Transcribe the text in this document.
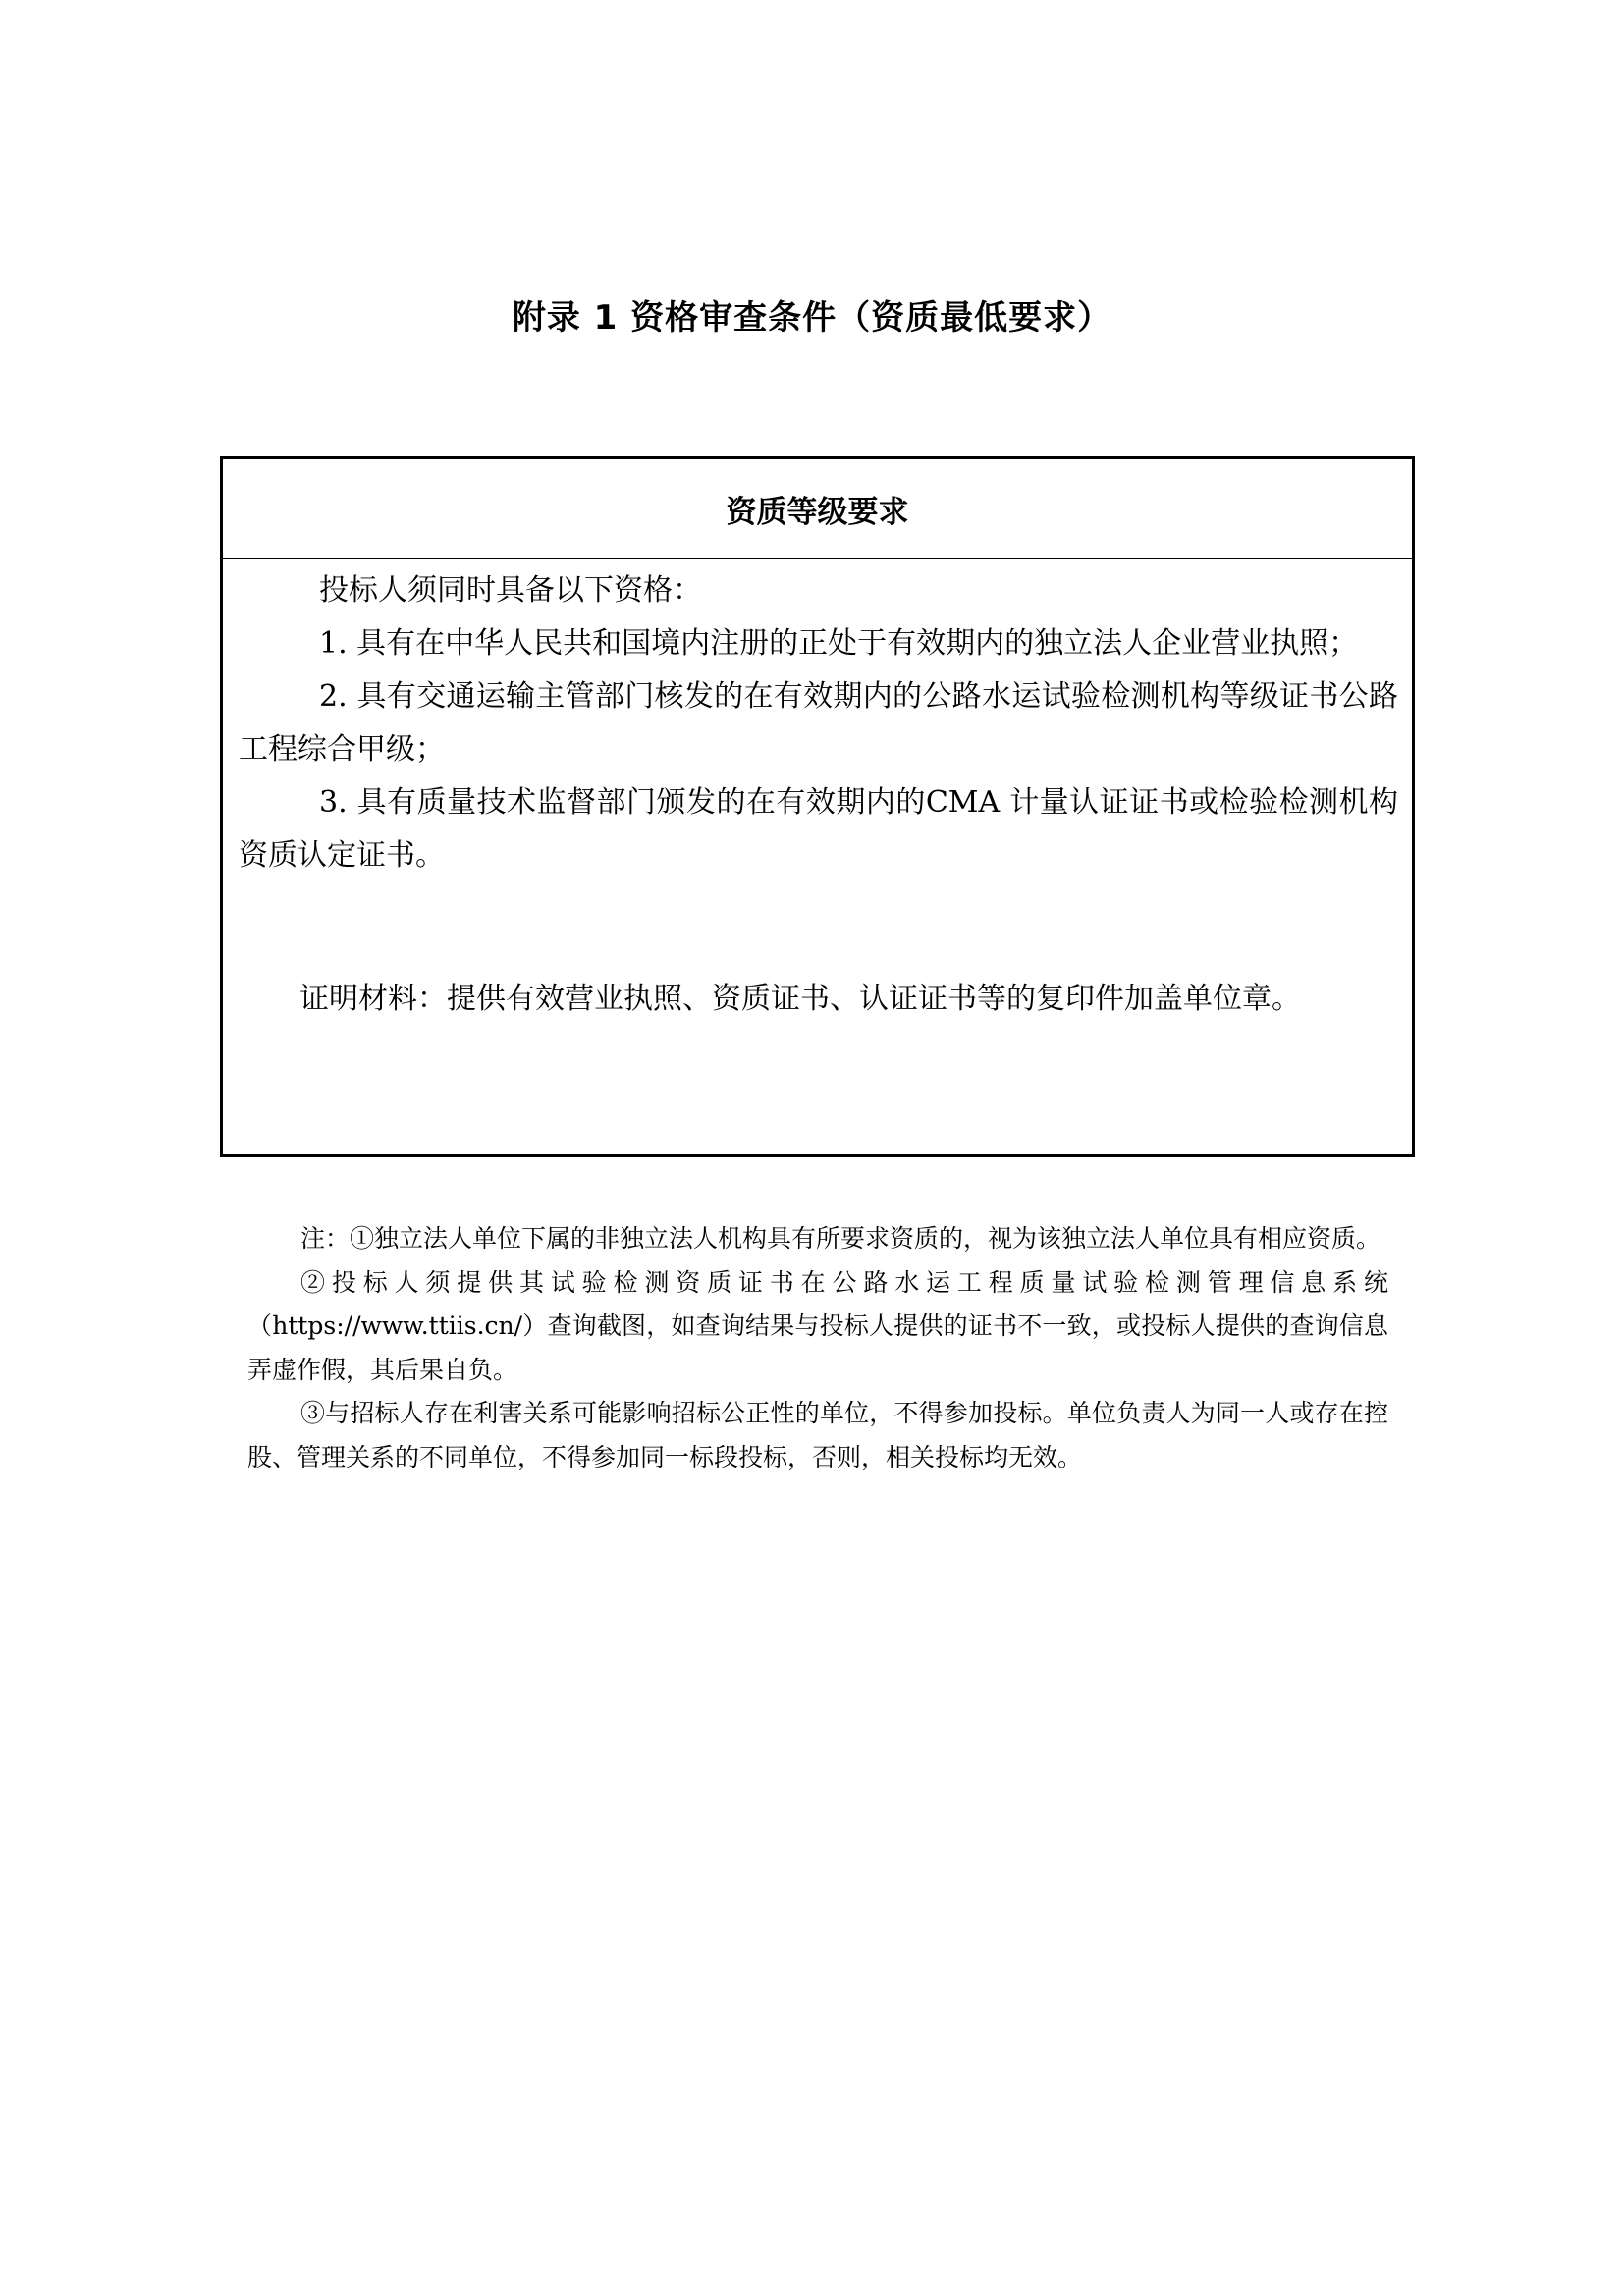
附录 1 资格审查条件（资质最低要求）
资质等级要求

投标人须同时具备以下资格：

1. 具有在中华人民共和国境内注册的正处于有效期内的独立法人企业营业执照；

2. 具有交通运输主管部门核发的在有效期内的公路水运试验检测机构等级证书公路工程综合甲级；

3. 具有质量技术监督部门颁发的在有效期内的CMA 计量认证证书或检验检测机构资质认定证书。

证明材料：提供有效营业执照、资质证书、认证证书等的复印件加盖单位章。

注：①独立法人单位下属的非独立法人机构具有所要求资质的，视为该独立法人单位具有相应资质。

②投标人须提供其试验检测资质证书在公路水运工程质量试验检测管理信息系统（https://www.ttiis.cn/）查询截图，如查询结果与投标人提供的证书不一致，或投标人提供的查询信息弄虚作假，其后果自负。

③与招标人存在利害关系可能影响招标公正性的单位，不得参加投标。单位负责人为同一人或存在控股、管理关系的不同单位，不得参加同一标段投标，否则，相关投标均无效。
